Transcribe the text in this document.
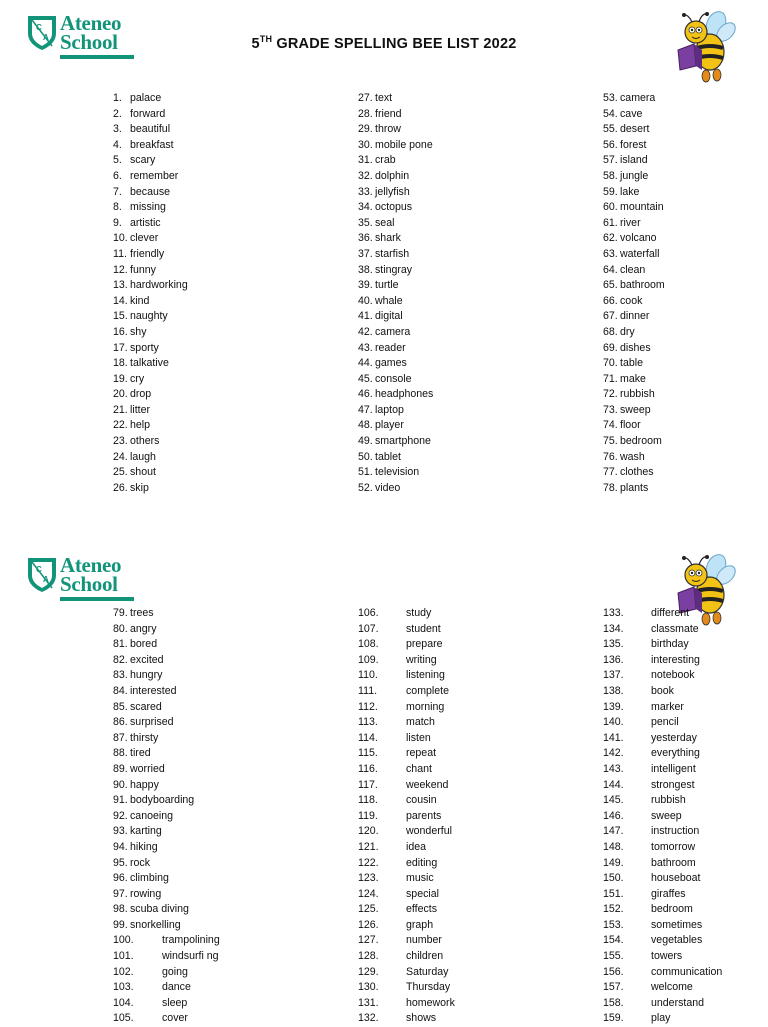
C
A
Ateneo
School	5TH GRADE SPELLING BEE LIST 2022
1. palace
2. forward
3. beautiful
4. breakfast
5. scary
6. remember
7. because
8. missing
9. artistic
10. clever
11. friendly
12. funny
13. hardworking
14. kind
15. naughty
16. shy
17. sporty
18. talkative
19. cry
20. drop
21. litter
22. help
23. others
24. laugh
25. shout
26. skip
27. text
28. friend
29. throw
30. mobile pone
31. crab
32. dolphin
33. jellyfish
34. octopus
35. seal
36. shark
37. starfish
38. stingray
39. turtle
40. whale
41. digital
42. camera
43. reader
44. games
45. console
46. headphones
47. laptop
48. player
49. smartphone
50. tablet
51. television
52. video
53. camera
54. cave
55. desert
56. forest
57. island
58. jungle
59. lake
60. mountain
61. river
62. volcano
63. waterfall
64. clean
65. bathroom
66. cook
67. dinner
68. dry
69. dishes
70. table
71. make
72. rubbish
73. sweep
74. floor
75. bedroom
76. wash
77. clothes
78. plants
C
A
Ateneo
School
79. trees
80. angry
81. bored
82. excited
83. hungry
84. interested
85. scared
86. surprised
87. thirsty
88. tired
89. worried
90. happy
91. bodyboarding
92. canoeing
93. karting
94. hiking
95. rock
96. climbing
97. rowing
98. scuba diving
99. snorkelling
100.	trampolining
101.	windsurfi ng
102.	going
103.	dance
104.	sleep
105.	cover
106.	study
107.	student
108.	prepare
109.	writing
110.	listening
111.	complete
112.	morning
113.	match
114.	listen
115.	repeat
116.	chant
117.	weekend
118.	cousin
119.	parents
120.	wonderful
121.	idea
122.	editing
123.	music
124.	special
125.	effects
126.	graph
127.	number
128.	children
129.	Saturday
130.	Thursday
131.	homework
132.	shows
133.	different
134.	classmate
135.	birthday
136.	interesting
137.	notebook
138.	book
139.	marker
140.	pencil
141.	yesterday
142.	everything
143.	intelligent
144.	strongest
145.	rubbish
146.	sweep
147.	instruction
148.	tomorrow
149.	bathroom
150.	houseboat
151.	giraffes
152.	bedroom
153.	sometimes
154.	vegetables
155.	towers
156.	communication
157.	welcome
158.	understand
159.	play
